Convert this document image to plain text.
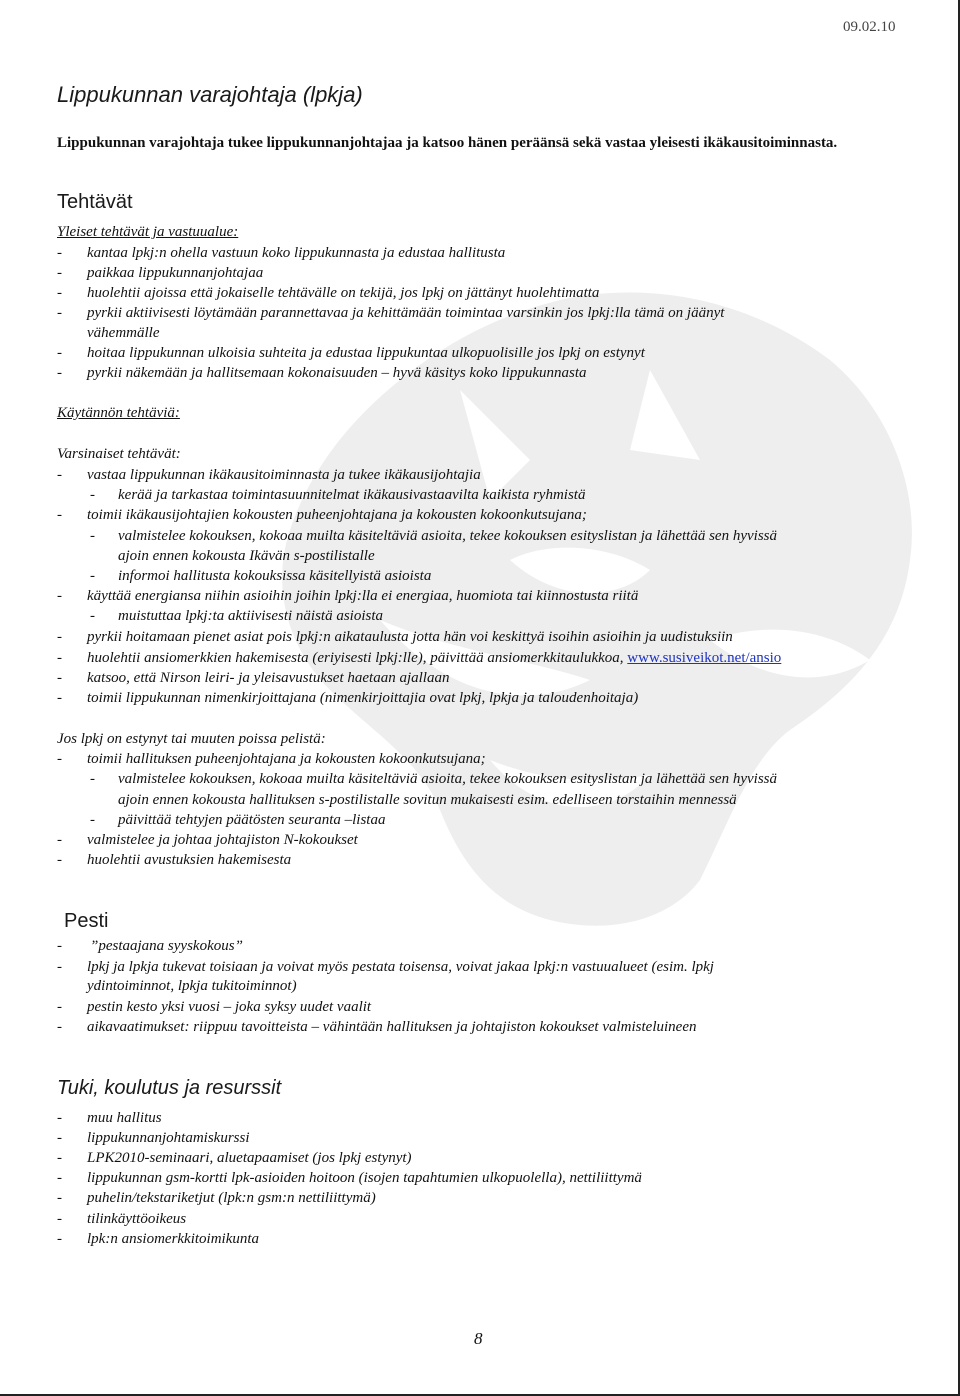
09.02.10
Lippukunnan varajohtaja (lpkja)
Lippukunnan varajohtaja tukee lippukunnanjohtajaa ja katsoo hänen peräänsä sekä vastaa yleisesti ikäkausitoiminnasta.
Tehtävät
Yleiset tehtävät ja vastuualue:
- kantaa lpkj:n ohella vastuun koko lippukunnasta ja edustaa hallitusta
- paikkaa lippukunnanjohtajaa
- huolehtii ajoissa että jokaiselle tehtävälle on tekijä, jos lpkj on jättänyt huolehtimatta
- pyrkii aktiivisesti löytämään parannettavaa ja kehittämään toimintaa varsinkin jos lpkj:lla tämä on jäänyt
vähemmälle
- hoitaa lippukunnan ulkoisia suhteita ja edustaa lippukuntaa ulkopuolisille jos lpkj on estynyt
- pyrkii näkemään ja hallitsemaan kokonaisuuden – hyvä käsitys koko lippukunnasta
Käytännön tehtäviä:
Varsinaiset tehtävät:
- vastaa lippukunnan ikäkausitoiminnasta ja tukee ikäkausijohtajia
- kerää ja tarkastaa toimintasuunnitelmat ikäkausivastaavilta kaikista ryhmistä
- toimii ikäkausijohtajien kokousten puheenjohtajana ja kokousten kokoonkutsujana;
- valmistelee kokouksen, kokoaa muilta käsiteltäviä asioita, tekee kokouksen esityslistan ja lähettää sen hyvissä
ajoin ennen kokousta Ikävän s-postilistalle
- informoi hallitusta kokouksissa käsitellyistä asioista
- käyttää energiansa niihin asioihin joihin lpkj:lla ei energiaa, huomiota tai kiinnostusta riitä
- muistuttaa lpkj:ta aktiivisesti näistä asioista
- pyrkii hoitamaan pienet asiat pois lpkj:n aikataulusta jotta hän voi keskittyä isoihin asioihin ja uudistuksiin
- huolehtii ansiomerkkien hakemisesta (eriyisesti lpkj:lle), päivittää ansiomerkkitaulukkoa, www.susiveikot.net/ansio
- katsoo, että Nirson leiri- ja yleisavustukset haetaan ajallaan
- toimii lippukunnan nimenkirjoittajana (nimenkirjoittajia ovat lpkj, lpkja ja taloudenhoitaja)
Jos lpkj on estynyt tai muuten poissa pelistä:
- toimii hallituksen puheenjohtajana ja kokousten kokoonkutsujana;
- valmistelee kokouksen, kokoaa muilta käsiteltäviä asioita, tekee kokouksen esityslistan ja lähettää sen hyvissä
ajoin ennen kokousta hallituksen s-postilistalle sovitun mukaisesti esim. edelliseen torstaihin mennessä
- päivittää tehtyjen päätösten seuranta –listaa
- valmistelee ja johtaa johtajiston N-kokoukset
- huolehtii avustuksien hakemisesta
Pesti
- ”pestaajana syyskokous”
- lpkj ja lpkja tukevat toisiaan ja voivat myös pestata toisensa, voivat jakaa lpkj:n vastuualueet (esim. lpkj
ydintoiminnot, lpkja tukitoiminnot)
- pestin kesto yksi vuosi – joka syksy uudet vaalit
- aikavaatimukset: riippuu tavoitteista – vähintään hallituksen ja johtajiston kokoukset valmisteluineen
Tuki, koulutus ja resurssit
- muu hallitus
- lippukunnanjohtamiskurssi
- LPK2010-seminaari, aluetapaamiset (jos lpkj estynyt)
- lippukunnan gsm-kortti lpk-asioiden hoitoon (isojen tapahtumien ulkopuolella), nettiliittymä
- puhelin/tekstariketjut (lpk:n gsm:n nettiliittymä)
- tilinkäyttöoikeus
- lpk:n ansiomerkkitoimikunta
8
